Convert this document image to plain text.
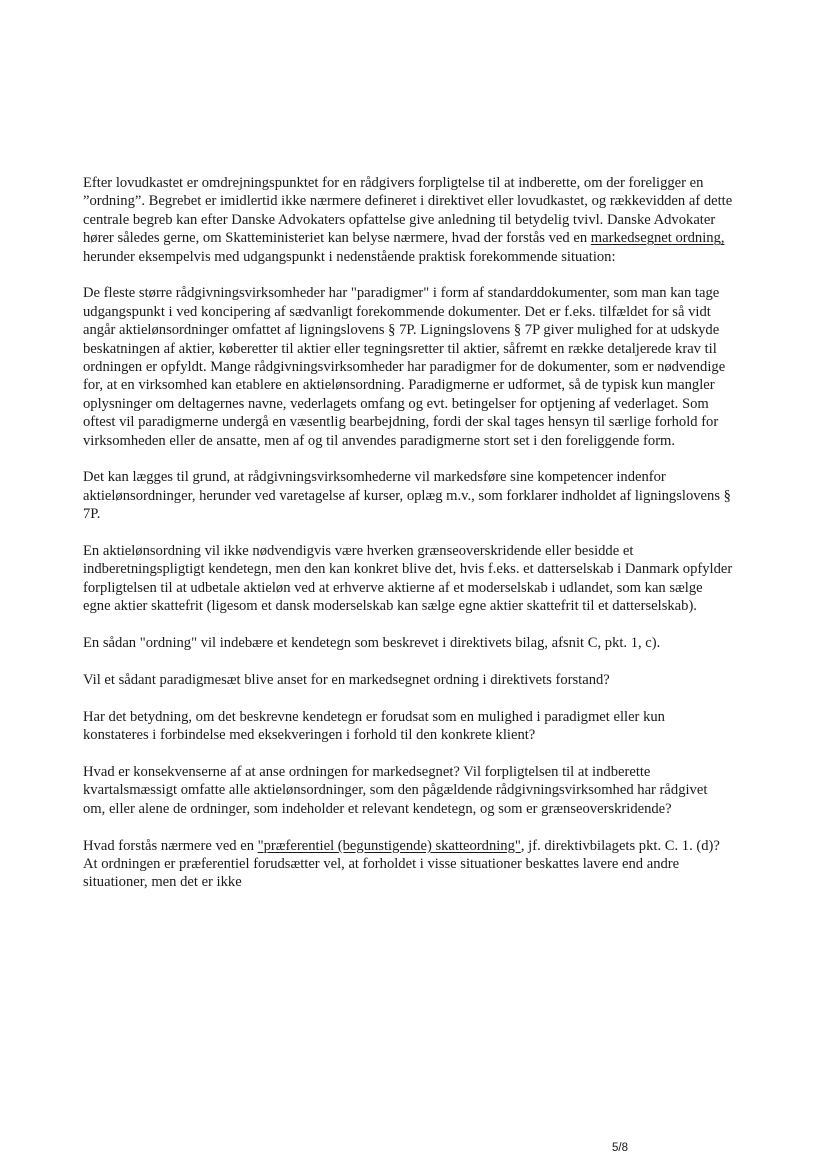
Efter lovudkastet er omdrejningspunktet for en rådgivers forpligtelse til at indberette, om der foreligger en ”ordning”. Begrebet er imidlertid ikke nærmere defineret i direktivet eller lovudkastet, og rækkevidden af dette centrale begreb kan efter Danske Advokaters opfattelse give anledning til betydelig tvivl. Danske Advokater hører således gerne, om Skatteministeriet kan belyse nærmere, hvad der forstås ved en markedsegnet ordning, herunder eksempelvis med udgangspunkt i nedenstående praktisk forekommende situation:

De fleste større rådgivningsvirksomheder har "paradigmer" i form af standarddokumenter, som man kan tage udgangspunkt i ved koncipering af sædvanligt forekommende dokumenter. Det er f.eks. tilfældet for så vidt angår aktielønsordninger omfattet af ligningslovens § 7P. Ligningslovens § 7P giver mulighed for at udskyde beskatningen af aktier, køberetter til aktier eller tegningsretter til aktier, såfremt en række detaljerede krav til ordningen er opfyldt. Mange rådgivningsvirksomheder har paradigmer for de dokumenter, som er nødvendige for, at en virksomhed kan etablere en aktielønsordning. Paradigmerne er udformet, så de typisk kun mangler oplysninger om deltagernes navne, vederlagets omfang og evt. betingelser for optjening af vederlaget. Som oftest vil paradigmerne undergå en væsentlig bearbejdning, fordi der skal tages hensyn til særlige forhold for virksomheden eller de ansatte, men af og til anvendes paradigmerne stort set i den foreliggende form.

Det kan lægges til grund, at rådgivningsvirksomhederne vil markedsføre sine kompetencer indenfor aktielønsordninger, herunder ved varetagelse af kurser, oplæg m.v., som forklarer indholdet af ligningslovens § 7P.

En aktielønsordning vil ikke nødvendigvis være hverken grænseoverskridende eller besidde et indberetningspligtigt kendetegn, men den kan konkret blive det, hvis f.eks. et datterselskab i Danmark opfylder forpligtelsen til at udbetale aktieløn ved at erhverve aktierne af et moderselskab i udlandet, som kan sælge egne aktier skattefrit (ligesom et dansk moderselskab kan sælge egne aktier skattefrit til et datterselskab).

En sådan "ordning" vil indebære et kendetegn som beskrevet i direktivets bilag, afsnit C, pkt. 1, c).

Vil et sådant paradigmesæt blive anset for en markedsegnet ordning i direktivets forstand?

Har det betydning, om det beskrevne kendetegn er forudsat som en mulighed i paradigmet eller kun konstateres i forbindelse med eksekveringen i forhold til den konkrete klient?

Hvad er konsekvenserne af at anse ordningen for markedsegnet? Vil forpligtelsen til at indberette kvartalsmæssigt omfatte alle aktielønsordninger, som den pågældende rådgivningsvirksomhed har rådgivet om, eller alene de ordninger, som indeholder et relevant kendetegn, og som er grænseoverskridende?

Hvad forstås nærmere ved en "præferentiel (begunstigende) skatteordning", jf. direktivbilagets pkt. C. 1. (d)? At ordningen er præferentiel forudsætter vel, at forholdet i visse situationer beskattes lavere end andre situationer, men det er ikke

5/8
